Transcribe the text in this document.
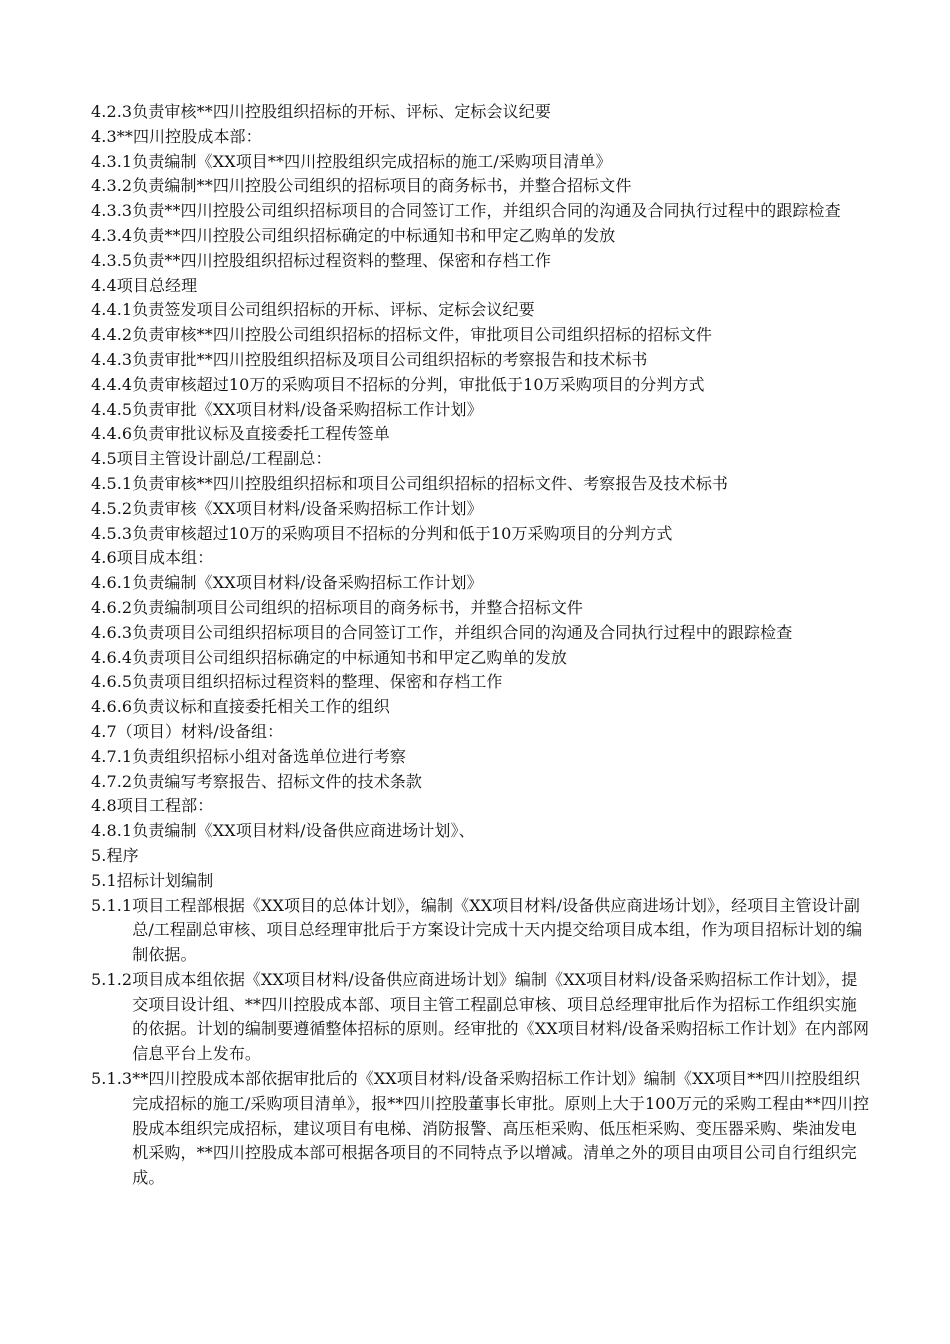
4.2.3 负责审核**四川控股组织招标的开标、评标、定标会议纪要
4.3 **四川控股成本部：
4.3.1 负责编制《XX项目**四川控股组织完成招标的施工/采购项目清单》
4.3.2 负责编制**四川控股公司组织的招标项目的商务标书，并整合招标文件
4.3.3 负责**四川控股公司组织招标项目的合同签订工作，并组织合同的沟通及合同执行过程中的跟踪检查
4.3.4 负责**四川控股公司组织招标确定的中标通知书和甲定乙购单的发放
4.3.5 负责**四川控股组织招标过程资料的整理、保密和存档工作
4.4 项目总经理
4.4.1 负责签发项目公司组织招标的开标、评标、定标会议纪要
4.4.2 负责审核**四川控股公司组织招标的招标文件，审批项目公司组织招标的招标文件
4.4.3 负责审批**四川控股组织招标及项目公司组织招标的考察报告和技术标书
4.4.4 负责审核超过10万的采购项目不招标的分判，审批低于10万采购项目的分判方式
4.4.5 负责审批《XX项目材料/设备采购招标工作计划》
4.4.6 负责审批议标及直接委托工程传签单
4.5 项目主管设计副总/工程副总：
4.5.1 负责审核**四川控股组织招标和项目公司组织招标的招标文件、考察报告及技术标书
4.5.2 负责审核《XX项目材料/设备采购招标工作计划》
4.5.3 负责审核超过10万的采购项目不招标的分判和低于10万采购项目的分判方式
4.6 项目成本组：
4.6.1 负责编制《XX项目材料/设备采购招标工作计划》
4.6.2 负责编制项目公司组织的招标项目的商务标书，并整合招标文件
4.6.3 负责项目公司组织招标项目的合同签订工作，并组织合同的沟通及合同执行过程中的跟踪检查
4.6.4 负责项目公司组织招标确定的中标通知书和甲定乙购单的发放
4.6.5 负责项目组织招标过程资料的整理、保密和存档工作
4.6.6 负责议标和直接委托相关工作的组织
4.7 （项目）材料/设备组：
4.7.1 负责组织招标小组对备选单位进行考察
4.7.2 负责编写考察报告、招标文件的技术条款
4.8 项目工程部：
4.8.1 负责编制《XX项目材料/设备供应商进场计划》、
5. 程序
5.1 招标计划编制
5.1.1 项目工程部根据《XX项目的总体计划》，编制《XX项目材料/设备供应商进场计划》，经项目主管设计副总/工程副总审核、项目总经理审批后于方案设计完成十天内提交给项目成本组，作为项目招标计划的编制依据。
5.1.2 项目成本组依据《XX项目材料/设备供应商进场计划》编制《XX项目材料/设备采购招标工作计划》，提交项目设计组、**四川控股成本部、项目主管工程副总审核、项目总经理审批后作为招标工作组织实施的依据。计划的编制要遵循整体招标的原则。经审批的《XX项目材料/设备采购招标工作计划》在内部网信息平台上发布。
5.1.3 **四川控股成本部依据审批后的《XX项目材料/设备采购招标工作计划》编制《XX项目**四川控股组织完成招标的施工/采购项目清单》，报**四川控股董事长审批。原则上大于100万元的采购工程由**四川控股成本组织完成招标，建议项目有电梯、消防报警、高压柜采购、低压柜采购、变压器采购、柴油发电机采购，**四川控股成本部可根据各项目的不同特点予以增减。清单之外的项目由项目公司自行组织完成。
